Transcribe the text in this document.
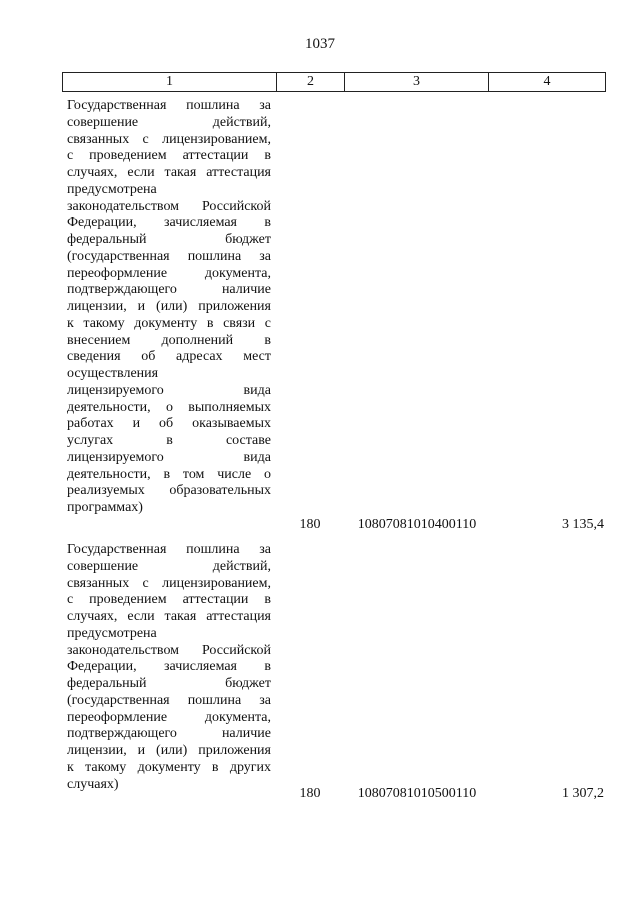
1037
1	2	3	4
Государственная пошлина за
совершение действий,
связанных с лицензированием,
с проведением аттестации в
случаях, если такая аттестация
предусмотрена
законодательством Российской
Федерации, зачисляемая в
федеральный бюджет
(государственная пошлина за
переоформление документа,
подтверждающего наличие
лицензии, и (или) приложения
к такому документу в связи с
внесением дополнений в
сведения об адресах мест
осуществления
лицензируемого вида
деятельности, о выполняемых
работах и об оказываемых
услугах в составе
лицензируемого вида
деятельности, в том числе о
реализуемых образовательных
программах)
180	10807081010400110	3 135,4
Государственная пошлина за
совершение действий,
связанных с лицензированием,
с проведением аттестации в
случаях, если такая аттестация
предусмотрена
законодательством Российской
Федерации, зачисляемая в
федеральный бюджет
(государственная пошлина за
переоформление документа,
подтверждающего наличие
лицензии, и (или) приложения
к такому документу в других
случаях)
180	10807081010500110	1 307,2
